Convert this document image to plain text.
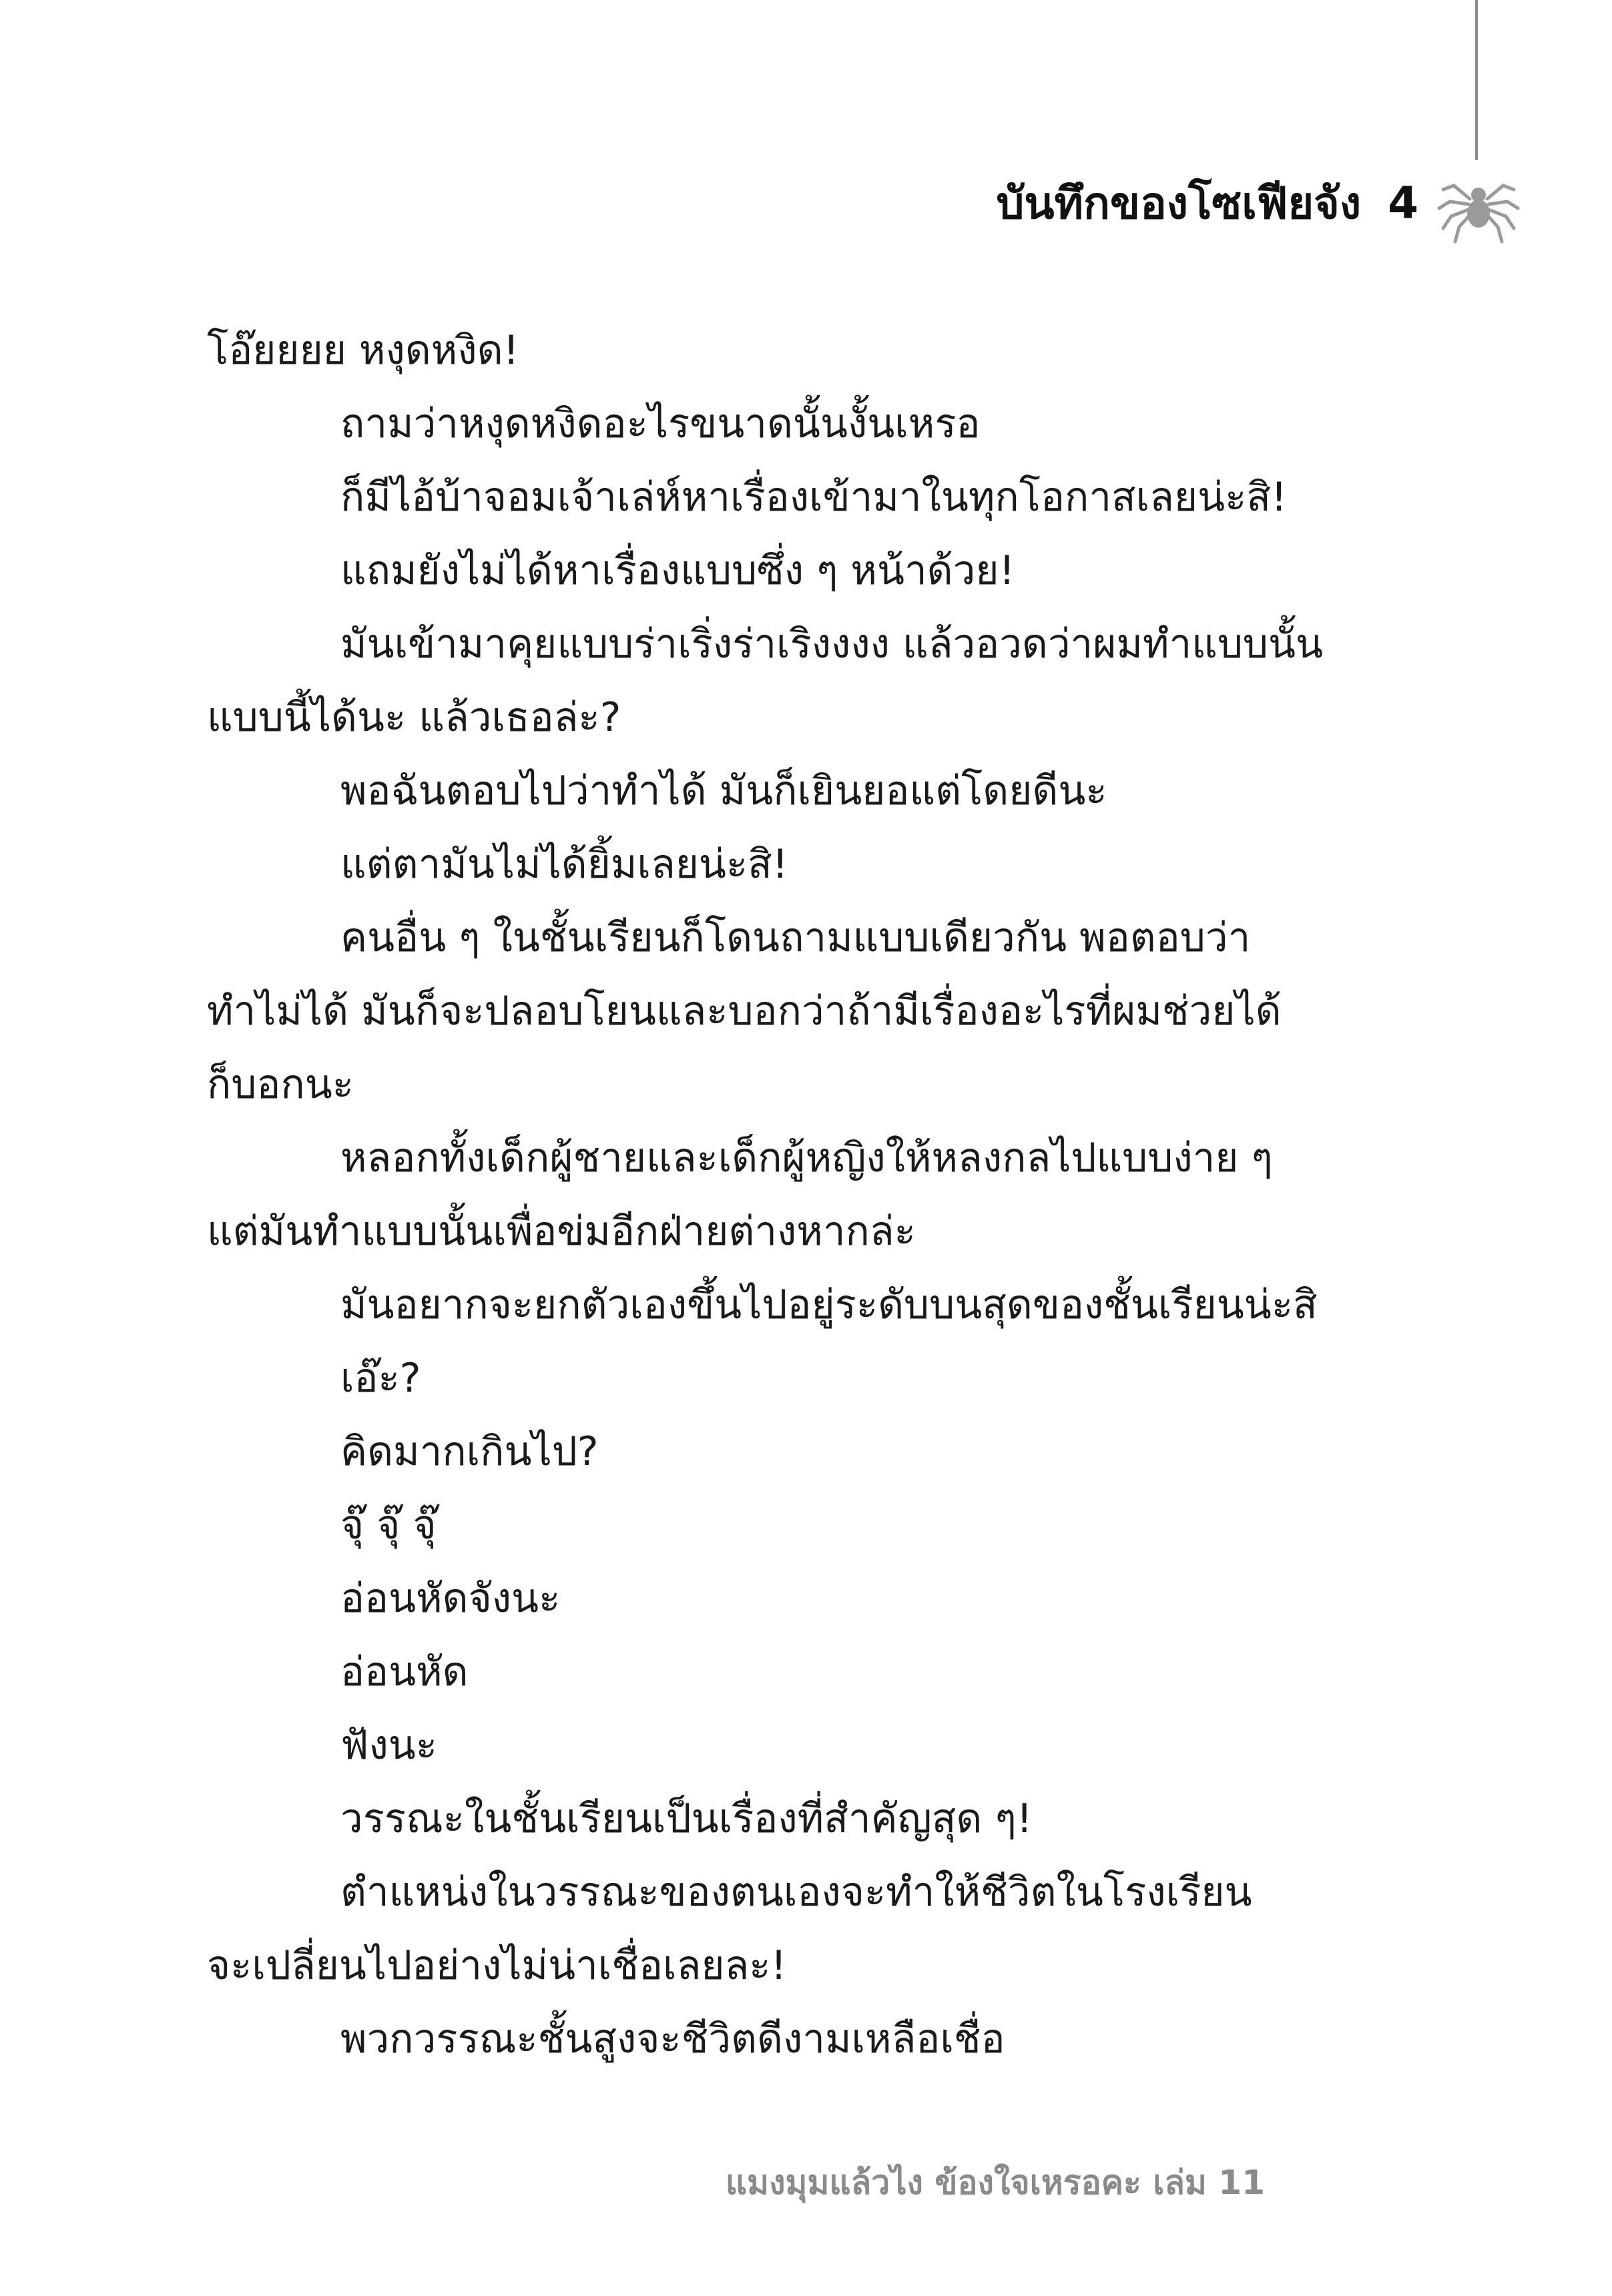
บันทึกของโซเฟียจัง 4
โอ๊ยยยย หงุดหงิด!
ถามว่าหงุดหงิดอะไรขนาดนั้นงั้นเหรอ
ก็มีไอ้บ้าจอมเจ้าเล่ห์หาเรื่องเข้ามาในทุกโอกาสเลยน่ะสิ!
แถมยังไม่ได้หาเรื่องแบบซึ่ง ๆ หน้าด้วย!
มันเข้ามาคุยแบบร่าเริ่งร่าเริงงงง แล้วอวดว่าผมทำแบบนั้น
แบบนี้ได้นะ แล้วเธอล่ะ?
พอฉันตอบไปว่าทำได้ มันก็เยินยอแต่โดยดีนะ
แต่ตามันไม่ได้ยิ้มเลยน่ะสิ!
คนอื่น ๆ ในชั้นเรียนก็โดนถามแบบเดียวกัน พอตอบว่า
ทำไม่ได้ มันก็จะปลอบโยนและบอกว่าถ้ามีเรื่องอะไรที่ผมช่วยได้
ก็บอกนะ
หลอกทั้งเด็กผู้ชายและเด็กผู้หญิงให้หลงกลไปแบบง่าย ๆ
แต่มันทำแบบนั้นเพื่อข่มอีกฝ่ายต่างหากล่ะ
มันอยากจะยกตัวเองขึ้นไปอยู่ระดับบนสุดของชั้นเรียนน่ะสิ
เอ๊ะ?
คิดมากเกินไป?
จุ๊ จุ๊ จุ๊
อ่อนหัดจังนะ
อ่อนหัด
ฟังนะ
วรรณะในชั้นเรียนเป็นเรื่องที่สำคัญสุด ๆ!
ตำแหน่งในวรรณะของตนเองจะทำให้ชีวิตในโรงเรียน
จะเปลี่ยนไปอย่างไม่น่าเชื่อเลยละ!
พวกวรรณะชั้นสูงจะชีวิตดีงามเหลือเชื่อ
แมงมุมแล้วไง ข้องใจเหรอคะ เล่ม 11
